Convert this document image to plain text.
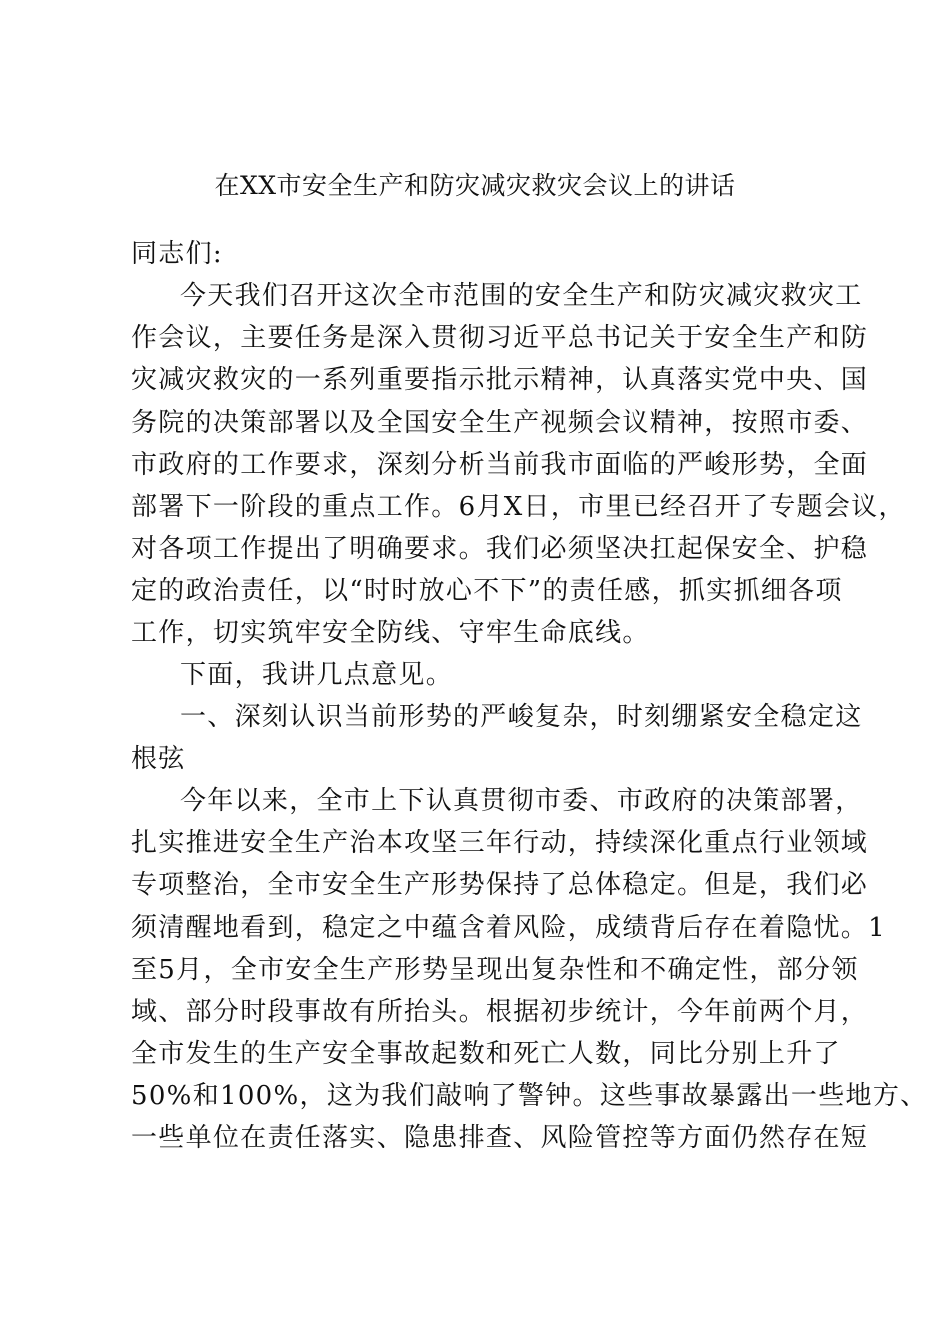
在XX市安全生产和防灾减灾救灾会议上的讲话
同志们:
今天我们召开这次全市范围的安全生产和防灾减灾救灾工
作会议，主要任务是深入贯彻习近平总书记关于安全生产和防
灾减灾救灾的一系列重要指示批示精神，认真落实党中央、国
务院的决策部署以及全国安全生产视频会议精神，按照市委、
市政府的工作要求，深刻分析当前我市面临的严峻形势，全面
部署下一阶段的重点工作。6月X日，市里已经召开了专题会议，
对各项工作提出了明确要求。我们必须坚决扛起保安全、护稳
定的政治责任，以“时时放心不下”的责任感，抓实抓细各项
工作，切实筑牢安全防线、守牢生命底线。
下面，我讲几点意见。
一、深刻认识当前形势的严峻复杂，时刻绷紧安全稳定这
根弦
今年以来，全市上下认真贯彻市委、市政府的决策部署，
扎实推进安全生产治本攻坚三年行动，持续深化重点行业领域
专项整治，全市安全生产形势保持了总体稳定。但是，我们必
须清醒地看到，稳定之中蕴含着风险，成绩背后存在着隐忧。1
至5月，全市安全生产形势呈现出复杂性和不确定性，部分领
域、部分时段事故有所抬头。根据初步统计，今年前两个月，
全市发生的生产安全事故起数和死亡人数，同比分别上升了
50%和100%，这为我们敲响了警钟。这些事故暴露出一些地方、
一些单位在责任落实、隐患排查、风险管控等方面仍然存在短
